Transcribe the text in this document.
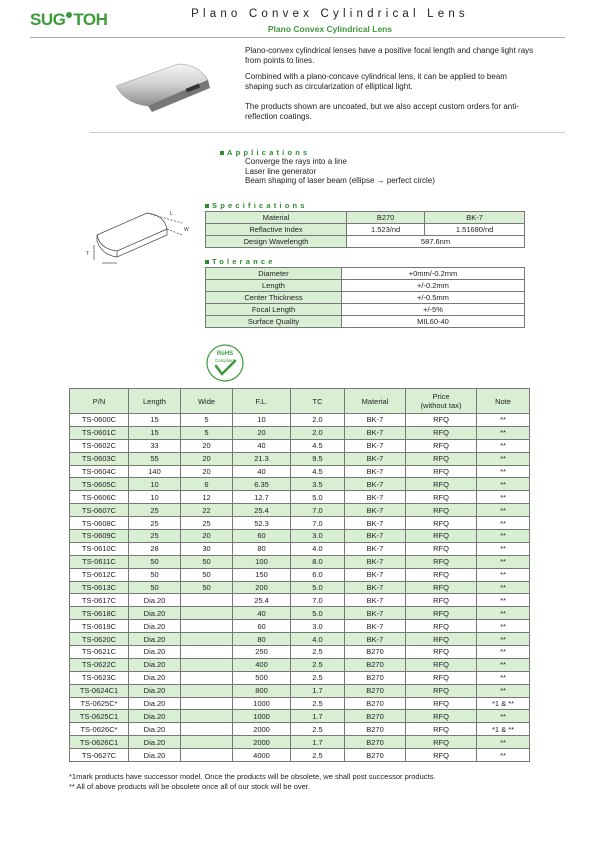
SUG TOH	Plano Convex Cylindrical Lens
Plano Convex Cylindrical Lens
Plano-convex cylindrical lenses have a positive focal length and change light rays from points to lines.
Combined with a plano-concave cylindrical lens, it can be applied to beam shaping such as circularization of elliptical light.
The products shown are uncoated, but we also accept custom orders for anti-reflection coatings.
Applications
Converge the rays into a line
Laser line generator
Beam shaping of laser beam (ellipse → perfect circle)
Specifications
Material	B270	BK-7
Reflactive Index	1.523/nd	1.51680/nd
Design Wavelength	587.6nm	
L
W
T
Tolerance
Diameter	+0mm/-0.2mm
Length	+/-0.2mm
Center Thickness	+/-0.5mm
Focal Length	+/-5%
Surface Quality	MIL60-40
RoHS
Compliant
P/N	Length	Wide	F.L.	TC	Material	Price
(without tax)	Note
TS-0600C	15	5	10	2.0	BK-7	RFQ	**
TS-0601C	15	5	20	2.0	BK-7	RFQ	**
TS-0602C	33	20	40	4.5	BK-7	RFQ	**
TS-0603C	55	20	21.3	9.5	BK-7	RFQ	**
TS-0604C	140	20	40	4.5	BK-7	RFQ	**
TS-0605C	10	6	6.35	3.5	BK-7	RFQ	**
TS-0606C	10	12	12.7	5.0	BK-7	RFQ	**
TS-0607C	25	22	25.4	7.0	BK-7	RFQ	**
TS-0608C	25	25	52.3	7.0	BK-7	RFQ	**
TS-0609C	25	20	60	3.0	BK-7	RFQ	**
TS-0610C	28	30	80	4.0	BK-7	RFQ	**
TS-0611C	50	50	100	8.0	BK-7	RFQ	**
TS-0612C	50	50	150	6.0	BK-7	RFQ	**
TS-0613C	50	50	200	5.0	BK-7	RFQ	**
TS-0617C	Dia.20		25.4	7.0	BK-7	RFQ	**
TS-0618C	Dia.20		40	5.0	BK-7	RFQ	**
TS-0619C	Dia.20		60	3.0	BK-7	RFQ	**
TS-0620C	Dia.20		80	4.0	BK-7	RFQ	**
TS-0621C	Dia.20		250	2.5	B270	RFQ	**
TS-0622C	Dia.20		400	2.5	B270	RFQ	**
TS-0623C	Dia.20		500	2.5	B270	RFQ	**
TS-0624C1	Dia.20		800	1.7	B270	RFQ	**
TS-0625C*	Dia.20		1000	2.5	B270	RFQ	*1 & **
TS-0625C1	Dia.20		1000	1.7	B270	RFQ	**
TS-0626C*	Dia.20		2000	2.5	B270	RFQ	*1 & **
TS-0626C1	Dia.20		2000	1.7	B270	RFQ	**
TS-0627C	Dia.20		4000	2.5	B270	RFQ	**
*1mark products have successor model. Once the products will be obsolete, we shall post successor products.
** All of above products will be obsolete once all of our stock will be over.
